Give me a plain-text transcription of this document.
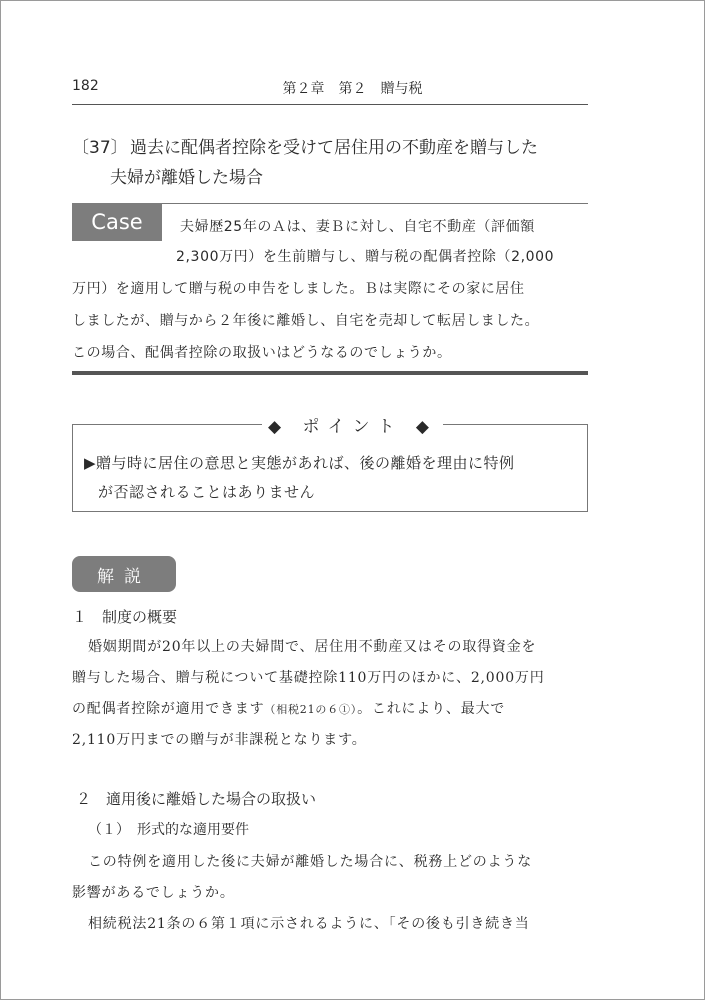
182	第２章　第２　贈与税
〔37〕 過去に配偶者控除を受けて居住用の不動産を贈与した
夫婦が離婚した場合
Case	夫婦歴25年のＡは、妻Ｂに対し、自宅不動産（評価額
2,300万円）を生前贈与し、贈与税の配偶者控除（2,000
万円）を適用して贈与税の申告をしました。Ｂは実際にその家に居住
しましたが、贈与から２年後に離婚し、自宅を売却して転居しました。
この場合、配偶者控除の取扱いはどうなるのでしょうか。
◆ ポイント ◆
▶贈与時に居住の意思と実態があれば、後の離婚を理由に特例
が否認されることはありません
解説
１　制度の概要
婚姻期間が20年以上の夫婦間で、居住用不動産又はその取得資金を
贈与した場合、贈与税について基礎控除110万円のほかに、2,000万円
の配偶者控除が適用できます（相税21の６①）。これにより、最大で
2,110万円までの贈与が非課税となります。
２　適用後に離婚した場合の取扱い
（１）　形式的な適用要件
この特例を適用した後に夫婦が離婚した場合に、税務上どのような
影響があるでしょうか。
相続税法21条の６第１項に示されるように、「その後も引き続き当
